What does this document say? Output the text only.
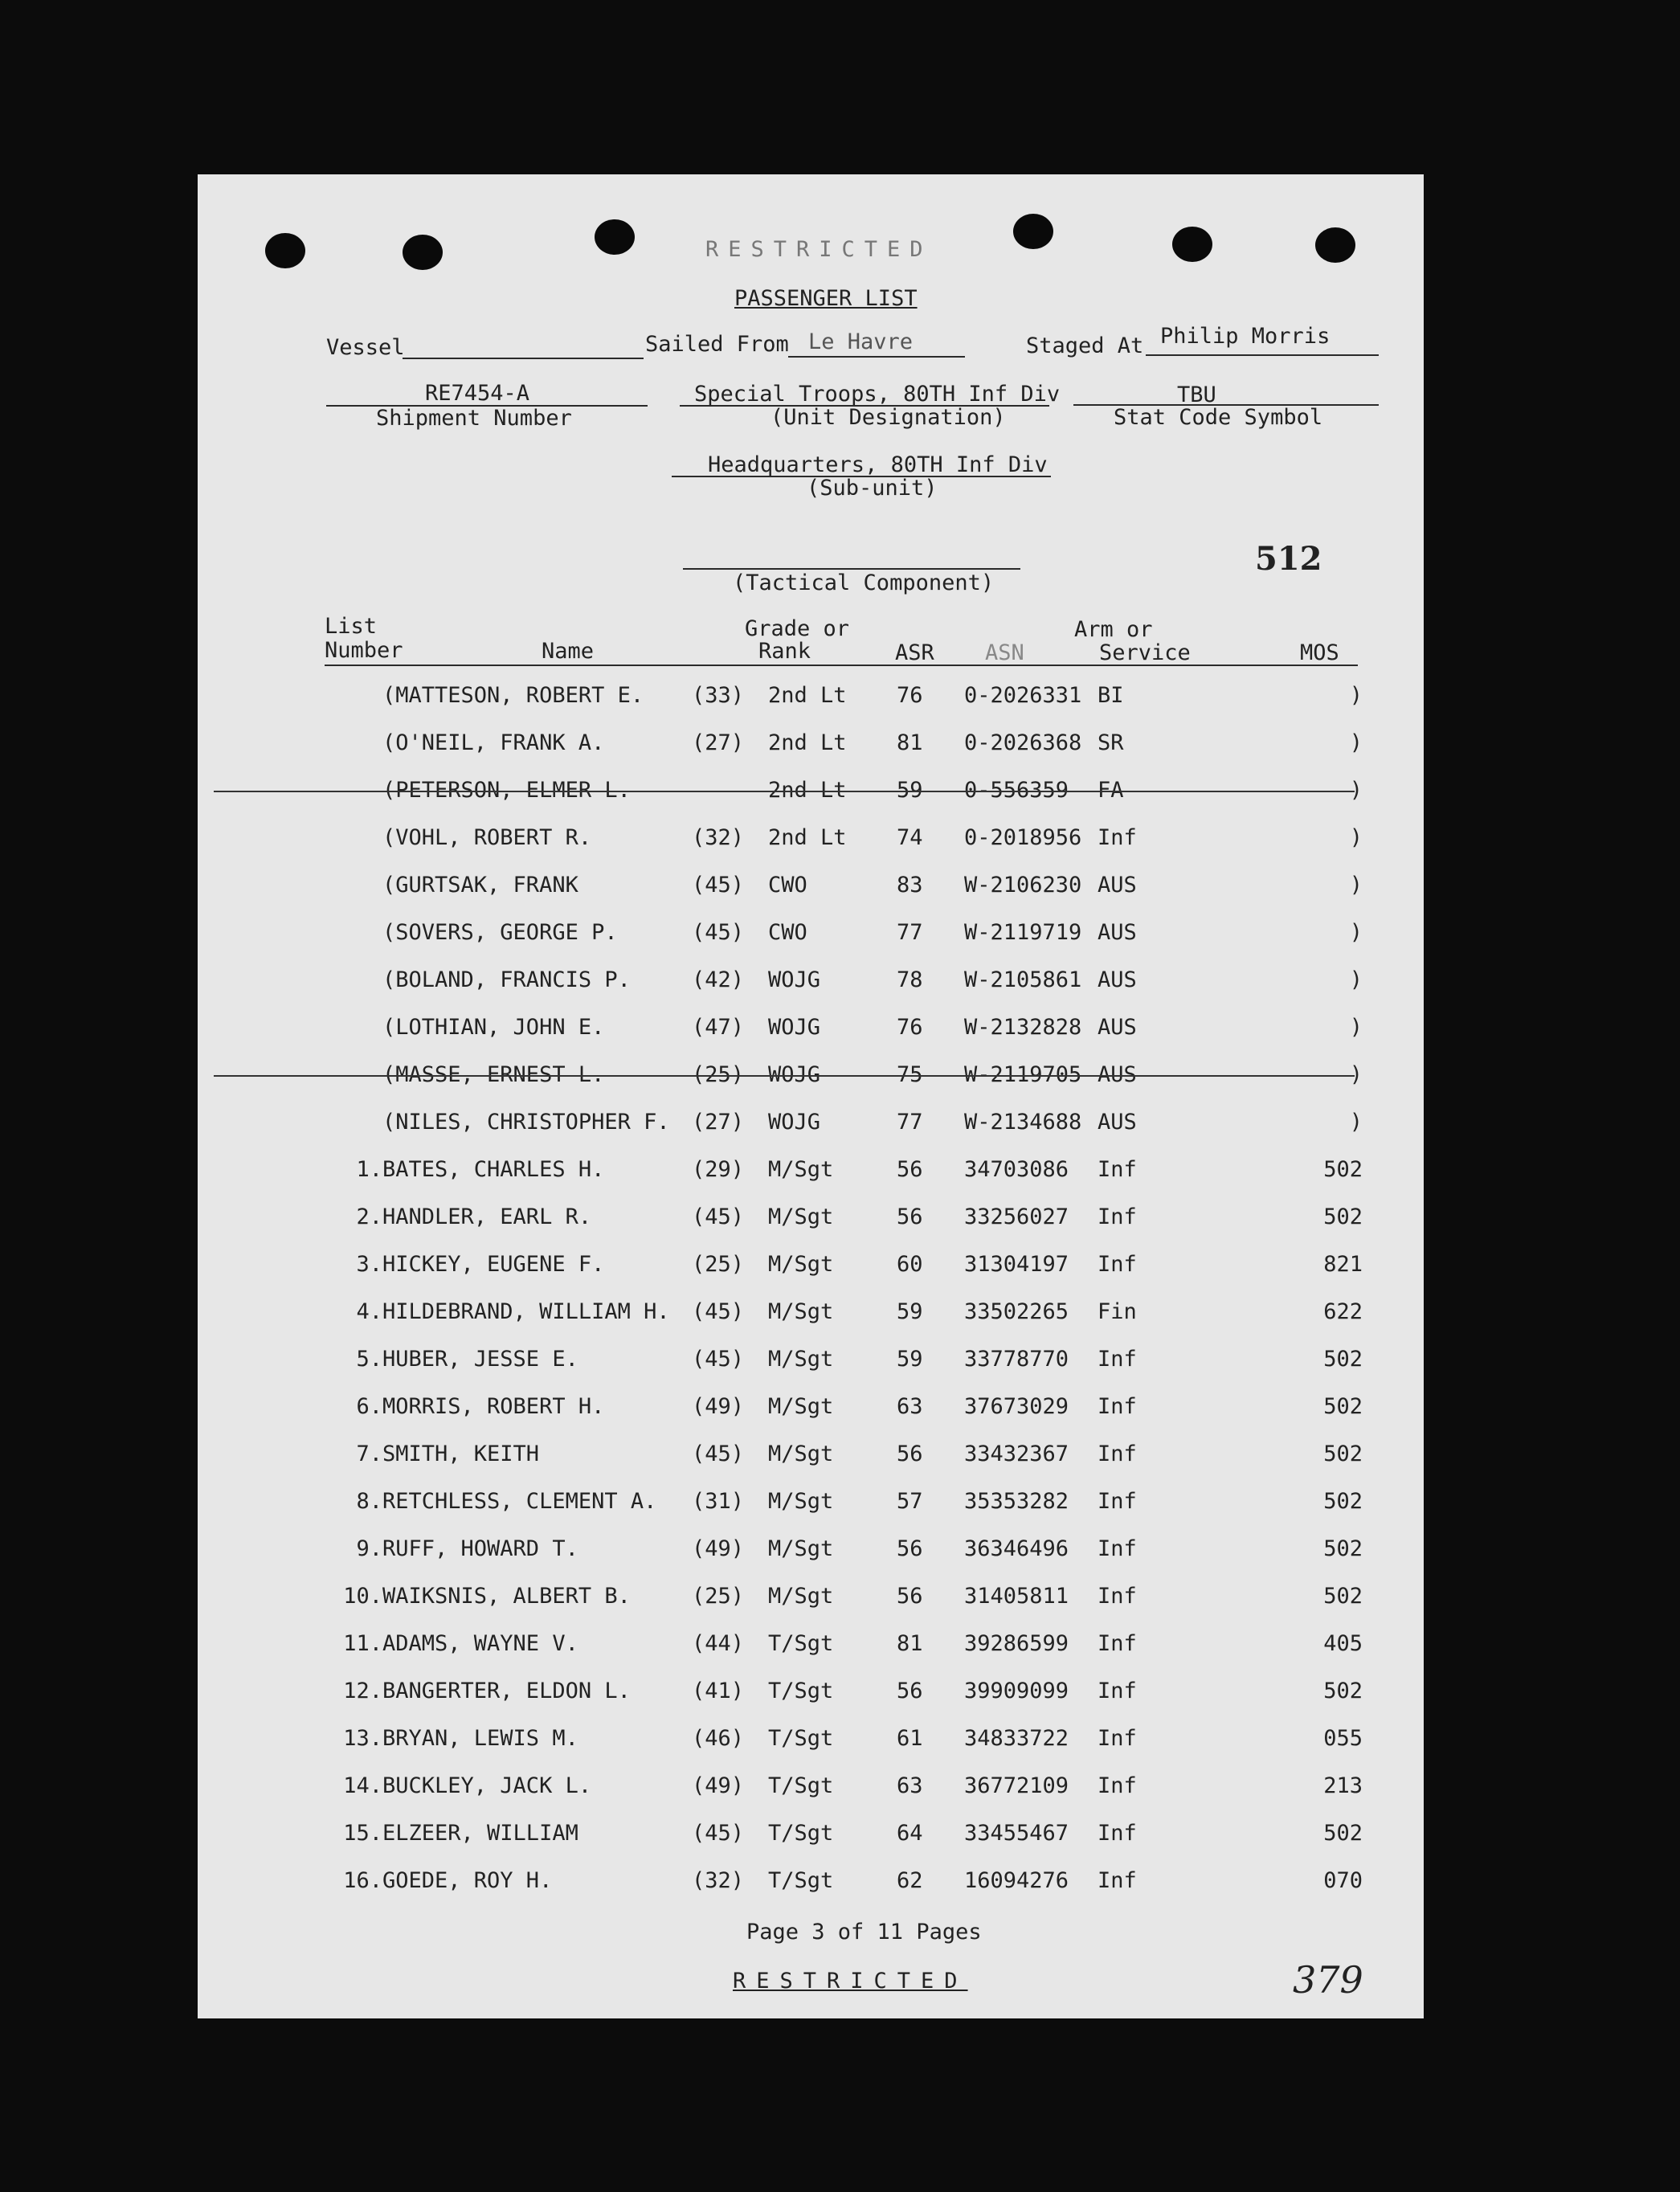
RESTRICTED
PASSENGER LIST
Vessel	Sailed From Le Havre	Staged At Philip Morris
RE7454-A
Shipment Number
Special Troops, 80TH Inf Div
(Unit Designation)
TBU
Stat Code Symbol
Headquarters, 80TH Inf Div
(Sub-unit)
(Tactical Component)
512
List
Number	Name
Grade or
Rank	ASR ASN
Arm or
Service	MOS
(MATTESON, ROBERT E. (33) 2nd Lt 76 0-2026331 BI	)
(O'NEIL, FRANK A.	(27) 2nd Lt 81 0-2026368 SR	)
(PETERSON, ELMER L.	2nd Lt 59 0-556359 FA	)
(VOHL, ROBERT R.	(32) 2nd Lt 74 0-2018956 Inf	)
(GURTSAK, FRANK	(45) CWO	83 W-2106230 AUS	)
(SOVERS, GEORGE P.	(45) CWO	77 W-2119719 AUS	)
(BOLAND, FRANCIS P.	(42) WOJG	78 W-2105861 AUS	)
(LOTHIAN, JOHN E.	(47) WOJG	76 W-2132828 AUS	)
(MASSE, ERNEST L.	(25) WOJG	75 W-2119705 AUS	)
(NILES, CHRISTOPHER F. (27) WOJG	77 W-2134688 AUS	)
1. BATES, CHARLES H.	(29) M/Sgt	56 34703086 Inf	502
2. HANDLER, EARL R.	(45) M/Sgt	56 33256027 Inf	502
3. HICKEY, EUGENE F.	(25) M/Sgt	60 31304197 Inf	821
4. HILDEBRAND, WILLIAM H. (45) M/Sgt	59 33502265 Fin	622
5. HUBER, JESSE E.	(45) M/Sgt	59 33778770 Inf	502
6. MORRIS, ROBERT H.	(49) M/Sgt	63 37673029 Inf	502
7. SMITH, KEITH	(45) M/Sgt	56 33432367 Inf	502
8. RETCHLESS, CLEMENT A. (31) M/Sgt	57 35353282 Inf	502
9. RUFF, HOWARD T.	(49) M/Sgt	56 36346496 Inf	502
10. WAIKSNIS, ALBERT B.	(25) M/Sgt	56 31405811 Inf	502
11. ADAMS, WAYNE V.	(44) T/Sgt	81 39286599 Inf	405
12. BANGERTER, ELDON L.	(41) T/Sgt	56 39909099 Inf	502
13. BRYAN, LEWIS M.	(46) T/Sgt	61 34833722 Inf	055
14. BUCKLEY, JACK L.	(49) T/Sgt	63 36772109 Inf	213
15. ELZEER, WILLIAM	(45) T/Sgt	64 33455467 Inf	502
16. GOEDE, ROY H.	(32) T/Sgt	62 16094276 Inf	070
Page 3 of 11 Pages
RESTRICTED	379
